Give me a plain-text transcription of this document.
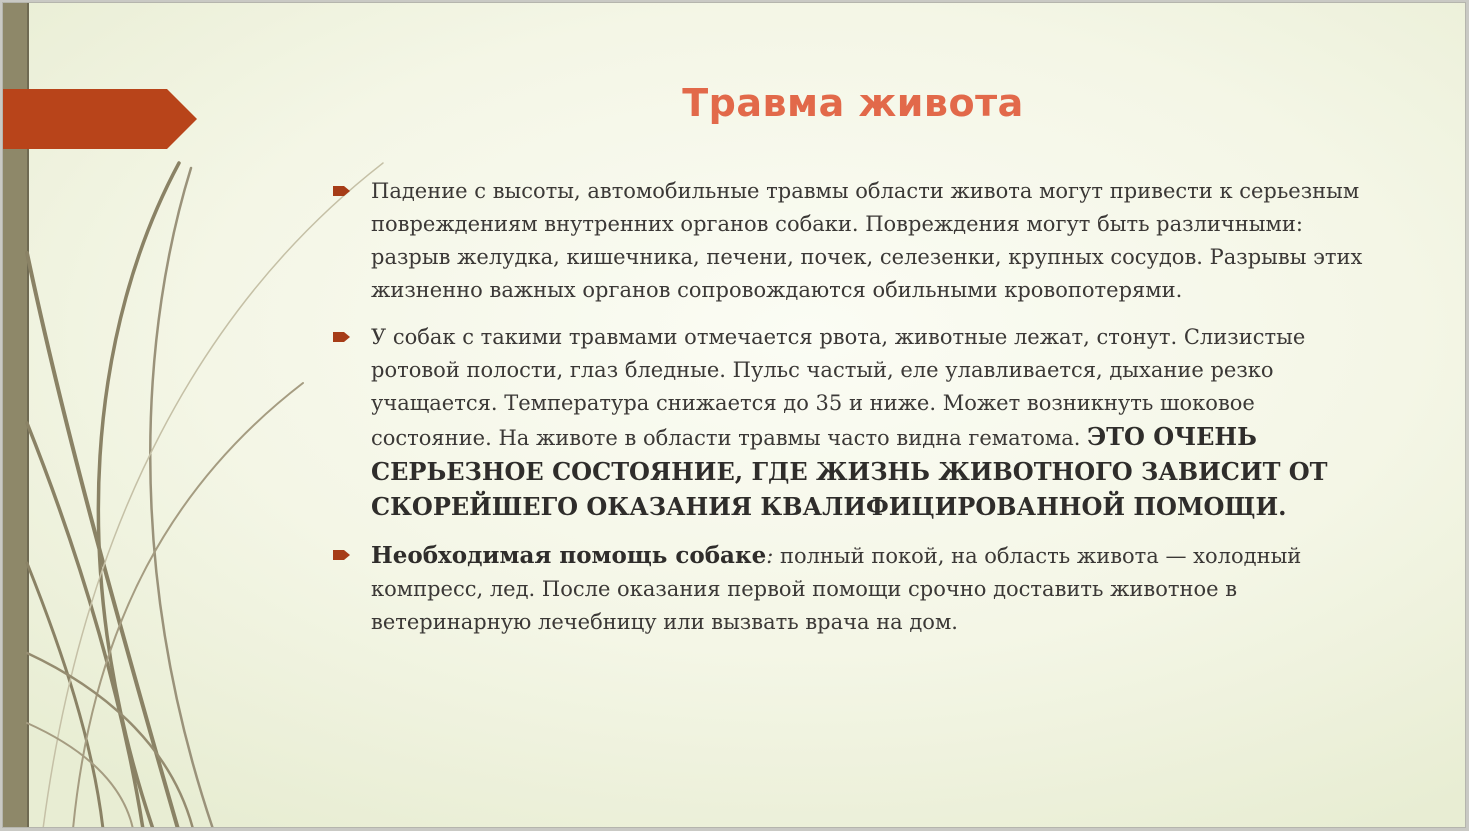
Травма живота

Падение с высоты, автомобильные травмы области живота могут привести к серьезным повреждениям внутренних органов собаки. Повреждения могут быть различными: разрыв желудка, кишечника, печени, почек, селезенки, крупных сосудов. Разрывы этих жизненно важных органов сопровождаются обильными кровопотерями.

У собак с такими травмами отмечается рвота, животные лежат, стонут. Слизистые ротовой полости, глаз бледные. Пульс частый, еле улавливается, дыхание резко учащается. Температура снижается до 35 и ниже. Может возникнуть шоковое состояние. На животе в области травмы часто видна гематома. ЭТО ОЧЕНЬ СЕРЬЕЗНОЕ СОСТОЯНИЕ, ГДЕ ЖИЗНЬ ЖИВОТНОГО ЗАВИСИТ ОТ СКОРЕЙШЕГО ОКАЗАНИЯ КВАЛИФИЦИРОВАННОЙ ПОМОЩИ.

Необходимая помощь собаке: полный покой, на область живота — холодный компресс, лед. После оказания первой помощи срочно доставить животное в ветеринарную лечебницу или вызвать врача на дом.
